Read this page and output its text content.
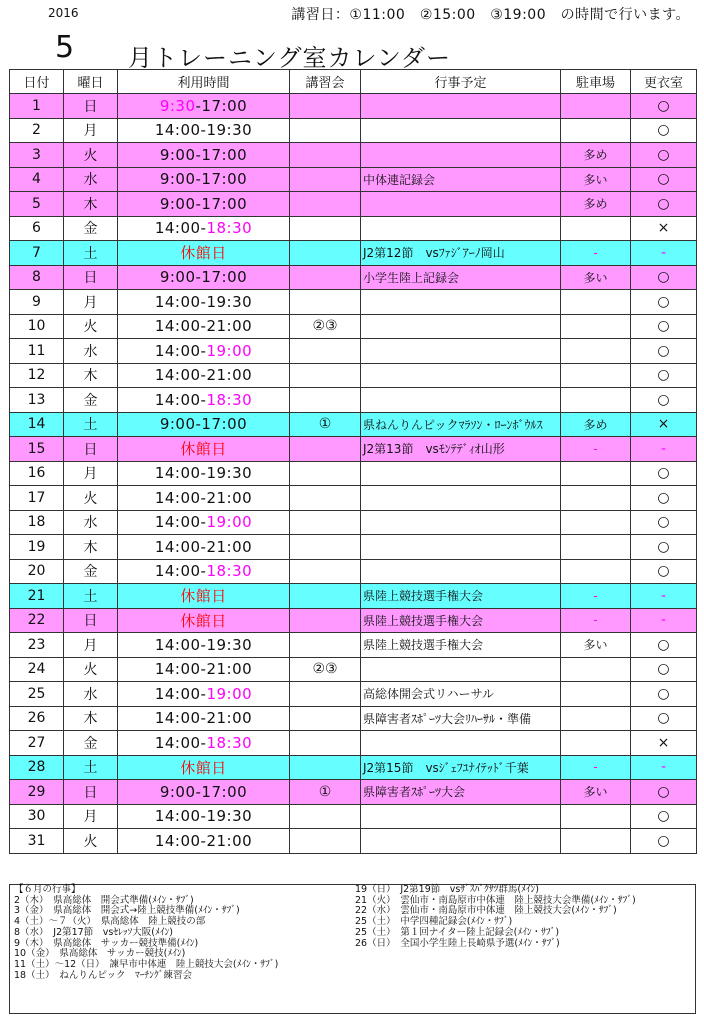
2016	講習日：①11:00　②15:00　③19:00　の時間で行います。
5 月トレーニング室カレンダー
日付	曜日	利用時間	講習会	行事予定	駐車場	更衣室
1	日	9:30-17:00				○
2	月	14:00-19:30				○
3	火	9:00-17:00			多め	○
4	水	9:00-17:00		中体連記録会	多い	○
5	木	9:00-17:00			多め	○
6	金	14:00-18:30				×
7	土	休館日		J2第12節　vsﾌｧｼﾞｱｰﾉ岡山	-	-
8	日	9:00-17:00		小学生陸上記録会	多い	○
9	月	14:00-19:30				○
10	火	14:00-21:00	②③			○
11	水	14:00-19:00				○
12	木	14:00-21:00				○
13	金	14:00-18:30				○
14	土	9:00-17:00	①	県ねんりんピックﾏﾗｿﾝ・ﾛｰﾝﾎﾞｳﾙｽ	多め	×
15	日	休館日		J2第13節　vsﾓﾝﾃﾃﾞｨｵ山形	-	-
16	月	14:00-19:30				○
17	火	14:00-21:00				○
18	水	14:00-19:00				○
19	木	14:00-21:00				○
20	金	14:00-18:30				○
21	土	休館日		県陸上競技選手権大会	-	-
22	日	休館日		県陸上競技選手権大会	-	-
23	月	14:00-19:30		県陸上競技選手権大会	多い	○
24	火	14:00-21:00	②③			○
25	水	14:00-19:00		高総体開会式リハーサル		○
26	木	14:00-21:00		県障害者ｽﾎﾟｰﾂ大会ﾘﾊｰｻﾙ・準備		○
27	金	14:00-18:30				×
28	土	休館日		J2第15節　vsｼﾞｪﾌﾕﾅｲﾃｯﾄﾞ千葉	-	-
29	日	9:00-17:00	①	県障害者ｽﾎﾟｰﾂ大会	多い	○
30	月	14:00-19:30				○
31	火	14:00-21:00				○
【６月の行事】
2（木）　県高総体　開会式準備(ﾒｲﾝ・ｻﾌﾞ)
3（金）　県高総体　開会式→陸上競技準備(ﾒｲﾝ・ｻﾌﾞ)
4（土）～７（火）　県高総体　陸上競技の部
8（水）　J2第17節　vsｾﾚｯｿ大阪(ﾒｲﾝ)
9（木）　県高総体　サッカー競技準備(ﾒｲﾝ)
10（金）　県高総体　サッカー競技(ﾒｲﾝ)
11（土）～12（日）　諫早市中体連　陸上競技大会(ﾒｲﾝ・ｻﾌﾞ)
18（土）　ねんりんピック　ﾏｰﾁﾝｸﾞ練習会
19（日）　J2第19節　vsｻﾞｽﾊﾟｸｻﾂ群馬(ﾒｲﾝ)
21（火）　雲仙市・南島原市中体連　陸上競技大会準備(ﾒｲﾝ・ｻﾌﾞ)
22（水）　雲仙市・南島原市中体連　陸上競技大会(ﾒｲﾝ・ｻﾌﾞ)
25（土）　中学四種記録会(ﾒｲﾝ・ｻﾌﾞ)
25（土）　第１回ナイター陸上記録会(ﾒｲﾝ・ｻﾌﾞ)
26（日）　全国小学生陸上長崎県予選(ﾒｲﾝ・ｻﾌﾞ)
